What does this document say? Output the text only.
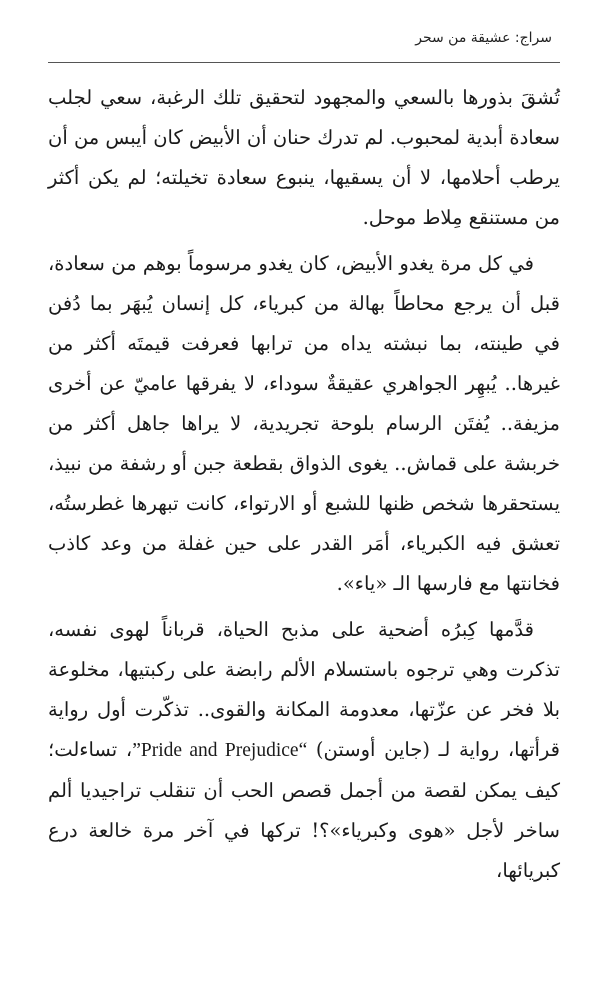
سراج: عشيقة من سحر

تُشقَ بذورها بالسعي والمجهود لتحقيق تلك الرغبة، سعي لجلب سعادة أبدية لمحبوب. لم تدرك حنان أن الأبيض كان أيبس من أن يرطب أحلامها، لا أن يسقيها، ينبوع سعادة تخيلته؛ لم يكن أكثر من مستنقع مِلاط موحل.

في كل مرة يغدو الأبيض، كان يغدو مرسوماً بوهم من سعادة، قبل أن يرجع محاطاً بهالة من كبرياء، كل إنسان يُبهَر بما دُفن في طينته، بما نبشته يداه من ترابها فعرفت قيمتَه أكثر من غيرها.. يُبهِر الجواهري عقيقةٌ سوداء، لا يفرقها عاميّ عن أخرى مزيفة.. يُفتَن الرسام بلوحة تجريدية، لا يراها جاهل أكثر من خربشة على قماش.. يغوى الذواق بقطعة جبن أو رشفة من نبيذ، يستحقرها شخص ظنها للشبع أو الارتواء، كانت تبهرها غطرستُه، تعشق فيه الكبرياء، أمَر القدر على حين غفلة من وعد كاذب فخانتها مع فارسها الـ «ياء».

قدَّمها كِبرُه أضحية على مذبح الحياة، قرباناً لهوى نفسه، تذكرت وهي ترجوه باستسلام الألم رابضة على ركبتيها، مخلوعة بلا فخر عن عزّتها، معدومة المكانة والقوى.. تذكّرت أول رواية قرأتها، رواية لـ (جاين أوستن) ”Pride and Prejudice“، تساءلت؛ كيف يمكن لقصة من أجمل قصص الحب أن تنقلب تراجيديا ألم ساخر لأجل «هوى وكبرياء»؟! تركها في آخر مرة خالعة درع كبريائها،
